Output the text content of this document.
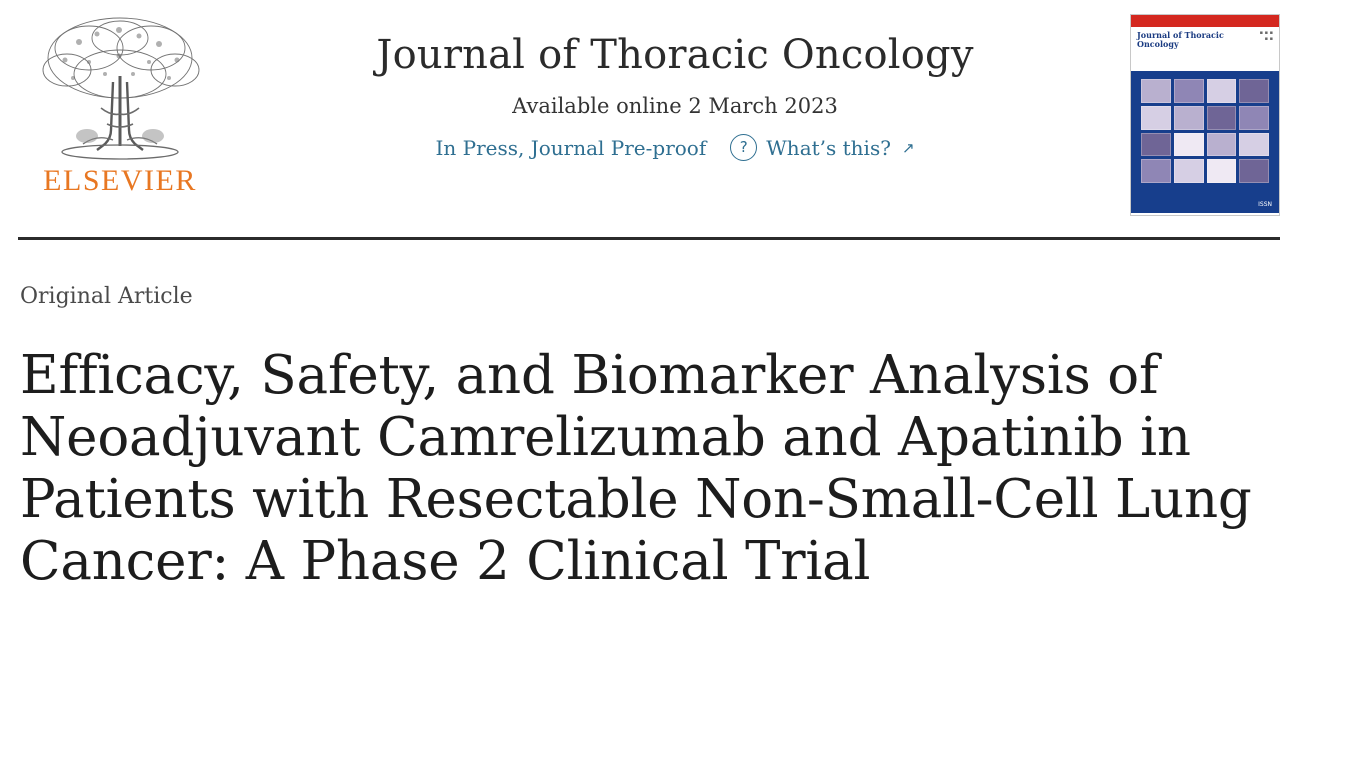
ELSEVIER
Journal of Thoracic Oncology
Available online 2 March 2023
In Press, Journal Pre-proof	? What’s this? ↗
Journal of Thoracic Oncology
▪ ▪ ▪
▪ ▪
ISSN
Original Article
Efficacy, Safety, and Biomarker Analysis of Neoadjuvant Camrelizumab and Apatinib in Patients with Resectable Non-Small-Cell Lung Cancer: A Phase 2 Clinical Trial
